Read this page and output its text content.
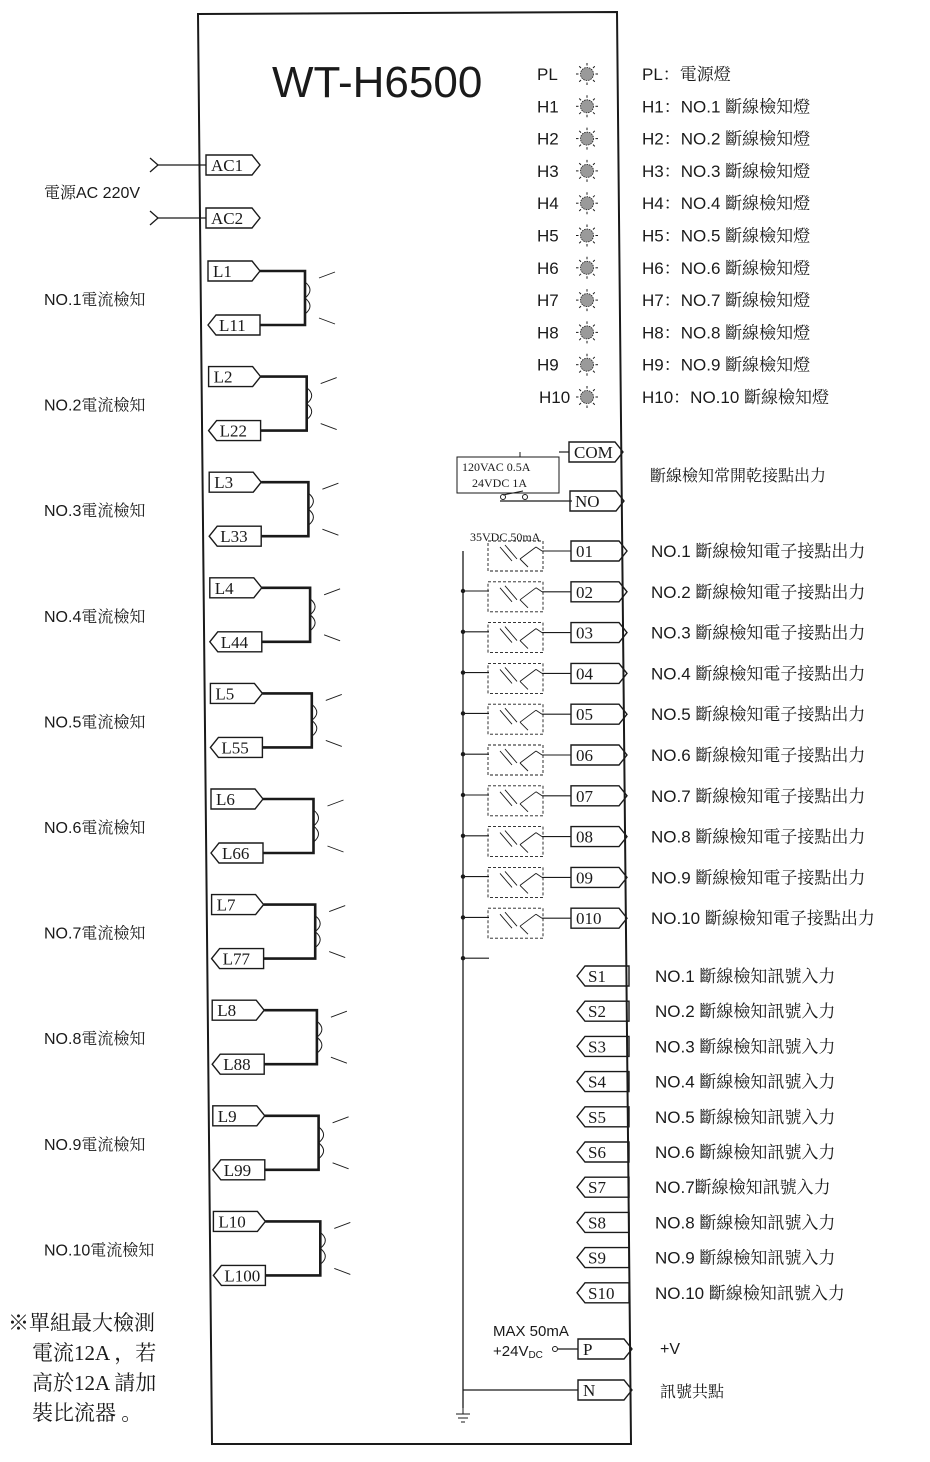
WT-H6500
電源AC 220V
AC1
AC2
NO.1電流檢知
L1
L11
NO.2電流檢知
L2
L22
NO.3電流檢知
L3
L33
NO.4電流檢知
L4
L44
NO.5電流檢知
L5
L55
NO.6電流檢知
L6
L66
NO.7電流檢知
L7
L77
NO.8電流檢知
L8
L88
NO.9電流檢知
L9
L99
NO.10電流檢知
L10
L100
PL	PL：電源燈
H1	H1：NO.1 斷線檢知燈
H2	H2：NO.2 斷線檢知燈
H3	H3：NO.3 斷線檢知燈
H4	H4：NO.4 斷線檢知燈
H5	H5：NO.5 斷線檢知燈
H6	H6：NO.6 斷線檢知燈
H7	H7：NO.7 斷線檢知燈
H8	H8：NO.8 斷線檢知燈
H9	H9：NO.9 斷線檢知燈
H10	H10：NO.10 斷線檢知燈
120VAC 0.5A
24VDC 1A
COM
NO
斷線檢知常開乾接點出力
35VDC 50mA
01	NO.1 斷線檢知電子接點出力
02	NO.2 斷線檢知電子接點出力
03	NO.3 斷線檢知電子接點出力
04	NO.4 斷線檢知電子接點出力
05	NO.5 斷線檢知電子接點出力
06	NO.6 斷線檢知電子接點出力
07	NO.7 斷線檢知電子接點出力
08	NO.8 斷線檢知電子接點出力
09	NO.9 斷線檢知電子接點出力
010	NO.10 斷線檢知電子接點出力
S1	NO.1 斷線檢知訊號入力
S2	NO.2 斷線檢知訊號入力
S3	NO.3 斷線檢知訊號入力
S4	NO.4 斷線檢知訊號入力
S5	NO.5 斷線檢知訊號入力
S6	NO.6 斷線檢知訊號入力
S7	NO.7斷線檢知訊號入力
S8	NO.8 斷線檢知訊號入力
S9	NO.9 斷線檢知訊號入力
S10 NO.10 斷線檢知訊號入力
MAX 50mA
+24VDC P
N
+V
訊號共點
※單組最大檢測
電流12A ，若
高於12A 請加
裝比流器 。
